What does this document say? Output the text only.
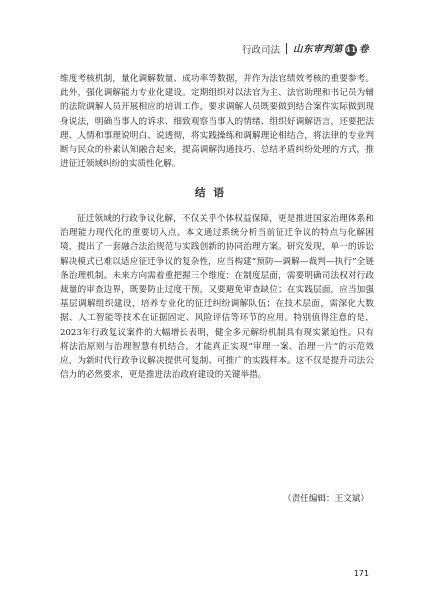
行政司法 山东审判第 41 卷

维度考核机制，量化调解数量、成功率等数据，并作为法官绩效考核的重要参考。此外，强化调解能力专业化建设。定期组织对以法官为主、法官助理和书记员为辅的法院调解人员开展相应的培训工作，要求调解人员既要做到结合案件实际做到现身说法，明确当事人的诉求、细致观察当事人的情绪、组织好调解语言，还要把法理、人情和事理说明白、说透彻，将实践操练和调解理论相结合，将法律的专业判断与民众的朴素认知融合起来，提高调解沟通技巧、总结矛盾纠纷处理的方式，推进征迁领域纠纷的实质性化解。

结语

征迁领域的行政争议化解，不仅关乎个体权益保障，更是推进国家治理体系和治理能力现代化的重要切入点。本文通过系统分析当前征迁争议的特点与化解困境，提出了一套融合法治规范与实践创新的协同治理方案。研究发现，单一的诉讼解决模式已难以适应征迁争议的复杂性，应当构建“预防—调解—裁判—执行”全链条治理机制。未来方向需着重把握三个维度：在制度层面，需要明确司法权对行政裁量的审查边界，既要防止过度干预，又要避免审查缺位；在实践层面，应当加强基层调解组织建设，培养专业化的征迁纠纷调解队伍；在技术层面，需深化大数据、人工智能等技术在证据固定、风险评估等环节的应用。特别值得注意的是，2023年行政复议案件的大幅增长表明，健全多元解纷机制具有现实紧迫性。只有将法治原则与治理智慧有机结合，才能真正实现“审理一案、治理一片”的示范效应，为新时代行政争议解决提供可复制、可推广的实践样本。这不仅是提升司法公信力的必然要求，更是推进法治政府建设的关键举措。

（责任编辑：王文斌）
171
